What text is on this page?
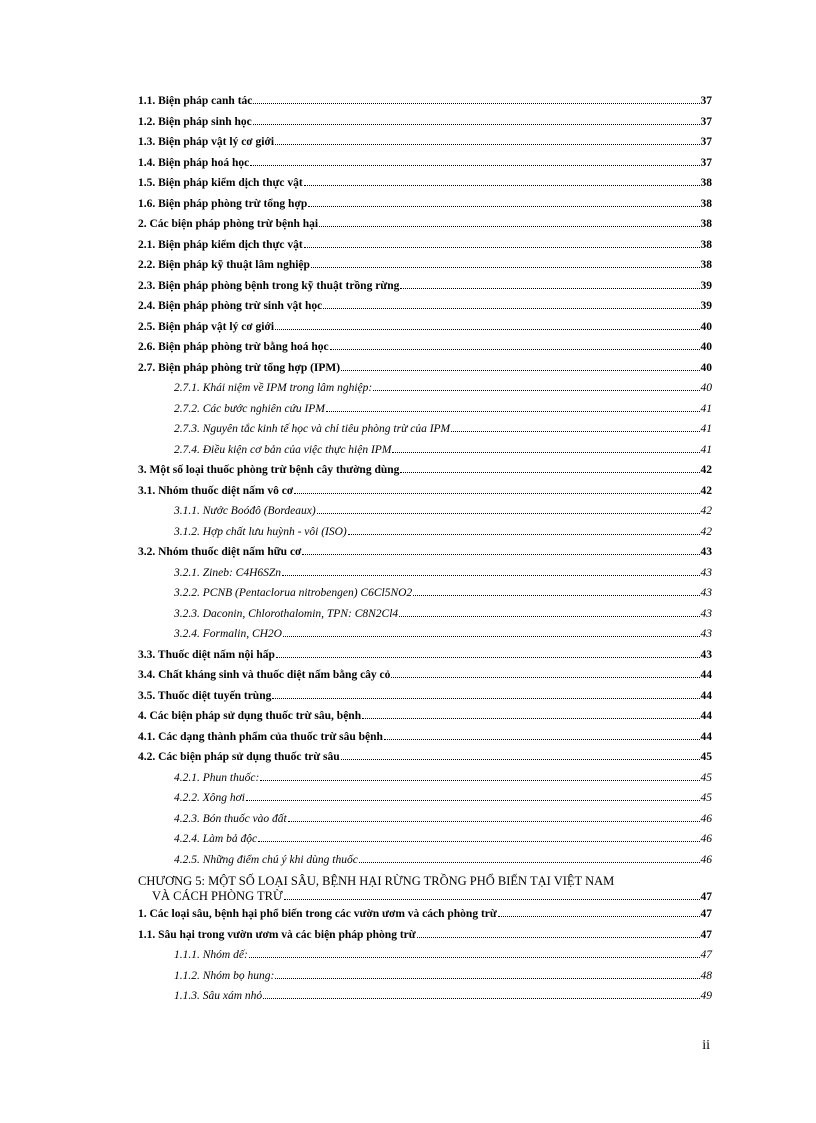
1.1. Biện pháp canh tác	37
1.2. Biện pháp sinh học	37
1.3. Biện pháp vật lý cơ giới	37
1.4. Biện pháp hoá học	37
1.5. Biện pháp kiểm dịch thực vật	38
1.6. Biện pháp phòng trừ tổng hợp	38
2. Các biện pháp phòng trừ bệnh hại	38
2.1. Biện pháp kiểm dịch thực vật	38
2.2. Biện pháp kỹ thuật lâm nghiệp	38
2.3. Biện pháp phòng bệnh trong kỹ thuật trồng rừng	39
2.4. Biện pháp phòng trừ sinh vật học	39
2.5. Biện pháp vật lý cơ giới	40
2.6. Biện pháp phòng trừ bằng hoá học	40
2.7. Biện pháp phòng trừ tổng hợp (IPM)	40
2.7.1. Khái niệm về IPM trong lâm nghiệp:	40
2.7.2. Các bước nghiên cứu IPM	41
2.7.3. Nguyên tắc kinh tế học và chỉ tiêu phòng trừ của IPM	41
2.7.4. Điều kiện cơ bản của việc thực hiện IPM	41
3. Một số loại thuốc phòng trừ bệnh cây thường dùng	42
3.1. Nhóm thuốc diệt nấm vô cơ	42
3.1.1. Nước Boóđô (Bordeaux)	42
3.1.2. Hợp chất lưu huỳnh - vôi (ISO)	42
3.2. Nhóm thuốc diệt nấm hữu cơ	43
3.2.1. Zineb: C4H6SZn	43
3.2.2. PCNB (Pentaclorua nitrobengen) C6Cl5NO2	43
3.2.3. Daconin, Chlorothalomin, TPN: C8N2Cl4	43
3.2.4. Formalin, CH2O	43
3.3. Thuốc diệt nấm nội hấp	43
3.4. Chất kháng sinh và thuốc diệt nấm bằng cây cỏ	44
3.5. Thuốc diệt tuyến trùng	44
4. Các biện pháp sử dụng thuốc trừ sâu, bệnh	44
4.1. Các dạng thành phẩm của thuốc trừ sâu bệnh	44
4.2. Các biện pháp sử dụng thuốc trừ sâu	45
4.2.1. Phun thuốc:	45
4.2.2. Xông hơi	45
4.2.3. Bón thuốc vào đất	46
4.2.4. Làm bả độc	46
4.2.5. Những điểm chú ý khi dùng thuốc	46
CHƯƠNG 5: MỘT SỐ LOẠI SÂU, BỆNH HẠI RỪNG TRỒNG PHỔ BIẾN TẠI VIỆT NAM
VÀ CÁCH PHÒNG TRỪ	47
1. Các loại sâu, bệnh hại phổ biến trong các vườn ươm và cách phòng trừ	47
1.1. Sâu hại trong vườn ươm và các biện pháp phòng trừ	47
1.1.1. Nhóm dế:	47
1.1.2. Nhóm bọ hung:	48
1.1.3. Sâu xám nhỏ	49
ii
